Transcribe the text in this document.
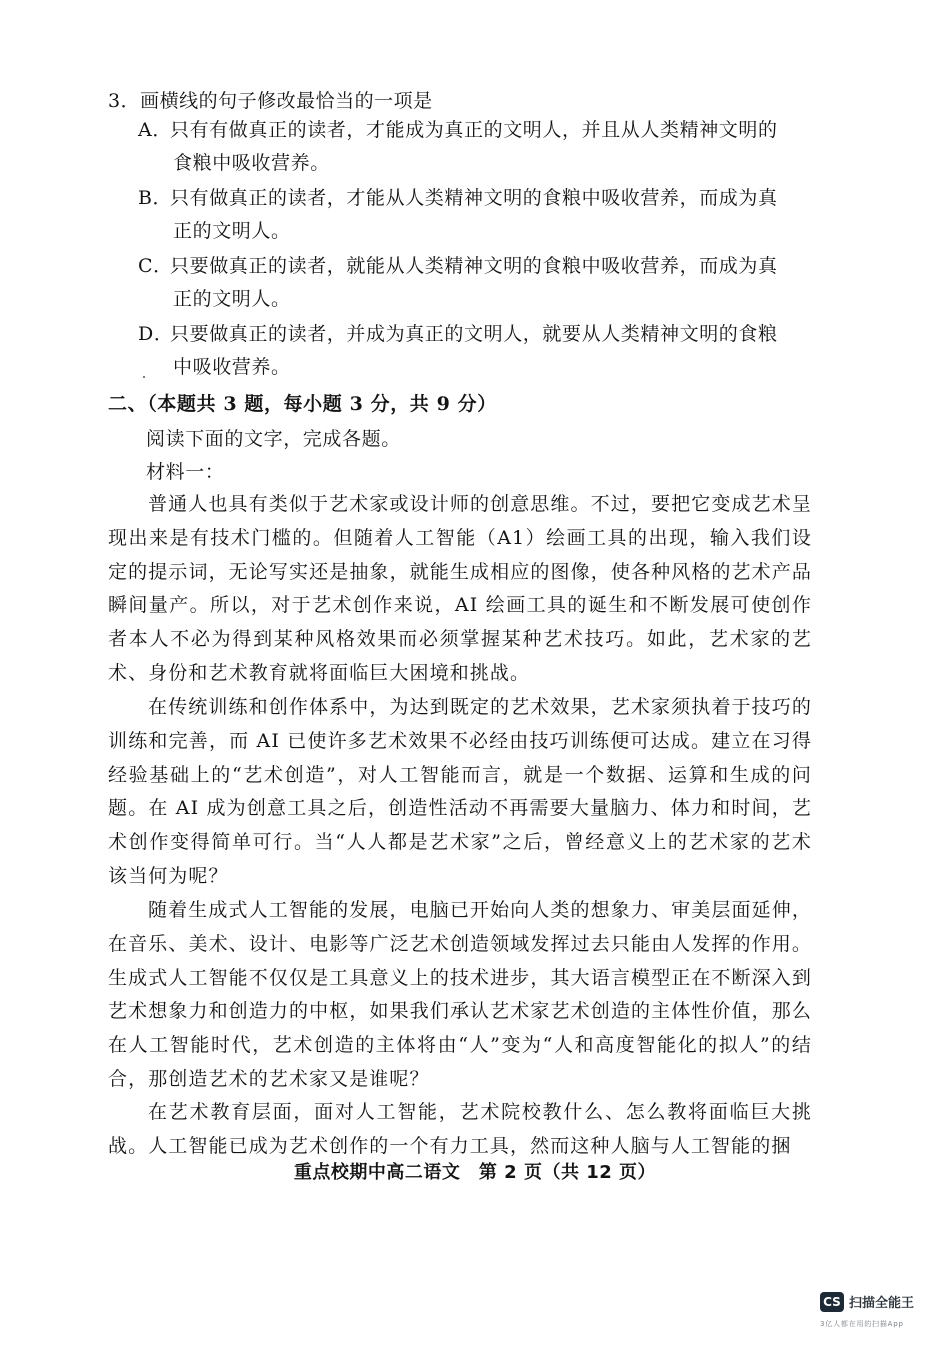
3．画横线的句子修改最恰当的一项是
A．只有有做真正的读者，才能成为真正的文明人，并且从人类精神文明的
食粮中吸收营养。
B．只有做真正的读者，才能从人类精神文明的食粮中吸收营养，而成为真
正的文明人。
C．只要做真正的读者，就能从人类精神文明的食粮中吸收营养，而成为真
正的文明人。
D．只要做真正的读者，并成为真正的文明人，就要从人类精神文明的食粮
中吸收营养。
二、（本题共 3 题，每小题 3 分，共 9 分）
阅读下面的文字，完成各题。
材料一：

普通人也具有类似于艺术家或设计师的创意思维。不过，要把它变成艺术呈现出来是有技术门槛的。但随着人工智能（A1）绘画工具的出现，输入我们设定的提示词，无论写实还是抽象，就能生成相应的图像，使各种风格的艺术产品瞬间量产。所以，对于艺术创作来说，AI 绘画工具的诞生和不断发展可使创作者本人不必为得到某种风格效果而必须掌握某种艺术技巧。如此，艺术家的艺术、身份和艺术教育就将面临巨大困境和挑战。

在传统训练和创作体系中，为达到既定的艺术效果，艺术家须执着于技巧的训练和完善，而 AI 已使许多艺术效果不必经由技巧训练便可达成。建立在习得经验基础上的“艺术创造”，对人工智能而言，就是一个数据、运算和生成的问题。在 AI 成为创意工具之后，创造性活动不再需要大量脑力、体力和时间，艺术创作变得简单可行。当“人人都是艺术家”之后，曾经意义上的艺术家的艺术该当何为呢？

随着生成式人工智能的发展，电脑已开始向人类的想象力、审美层面延伸，在音乐、美术、设计、电影等广泛艺术创造领域发挥过去只能由人发挥的作用。生成式人工智能不仅仅是工具意义上的技术进步，其大语言模型正在不断深入到艺术想象力和创造力的中枢，如果我们承认艺术家艺术创造的主体性价值，那么在人工智能时代，艺术创造的主体将由“人”变为“人和高度智能化的拟人”的结合，那创造艺术的艺术家又是谁呢？

在艺术教育层面，面对人工智能，艺术院校教什么、怎么教将面临巨大挑战。人工智能已成为艺术创作的一个有力工具，然而这种人脑与人工智能的捆

重点校期中高二语文　第 2 页（共 12 页）
CS 扫描全能王
3亿人都在用的扫描App
